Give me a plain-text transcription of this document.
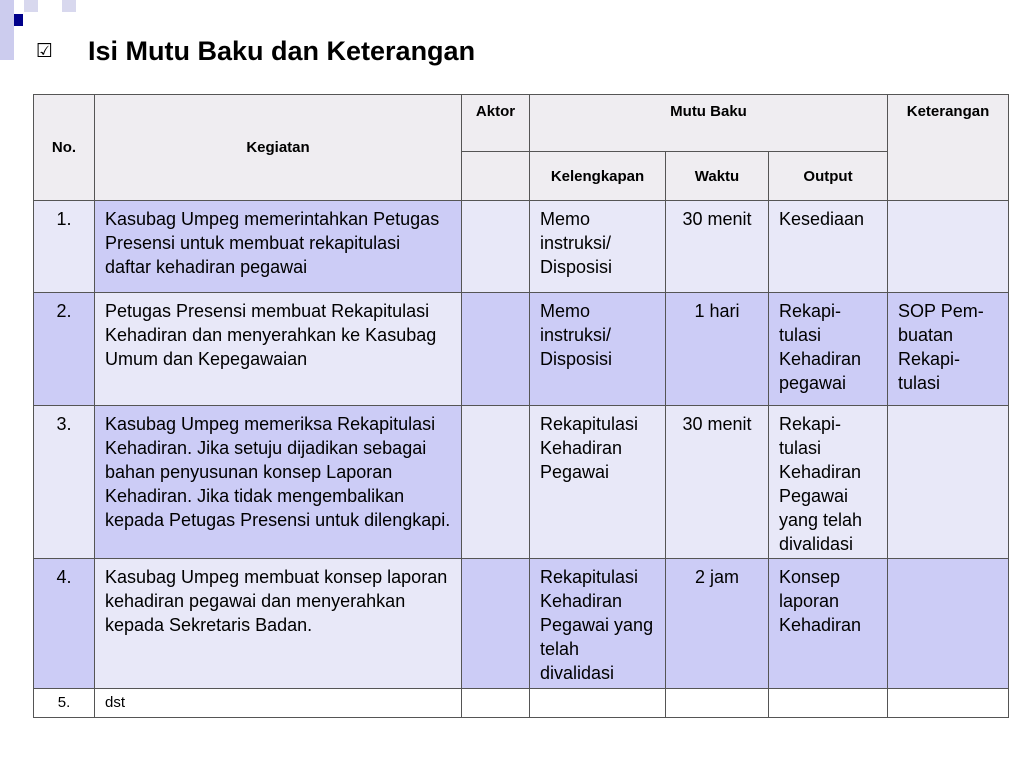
☑	Isi Mutu Baku dan Keterangan
No.	Kegiatan	Aktor	Mutu Baku			Keterangan
			Kelengkapan	Waktu	Output	
1.	Kasubag Umpeg memerintahkan Petugas Presensi untuk membuat rekapitulasi daftar kehadiran pegawai		Memo instruksi/ Disposisi	30 menit	Kesediaan	
2.	Petugas Presensi membuat Rekapitulasi Kehadiran dan menyerahkan ke Kasubag Umum dan Kepegawaian		Memo instruksi/ Disposisi	1 hari	Rekapi-tulasi Kehadiran pegawai	SOP Pem-buatan Rekapi-tulasi
3.	Kasubag Umpeg memeriksa Rekapitulasi Kehadiran. Jika setuju dijadikan sebagai bahan penyusunan konsep Laporan Kehadiran. Jika tidak mengembalikan kepada Petugas Presensi untuk dilengkapi.		Rekapitulasi Kehadiran Pegawai	30 menit	Rekapi-tulasi Kehadiran Pegawai yang telah divalidasi	
4.	Kasubag Umpeg membuat konsep laporan kehadiran pegawai dan menyerahkan kepada Sekretaris Badan.		Rekapitulasi Kehadiran Pegawai yang telah divalidasi	2 jam	Konsep laporan Kehadiran	
5.	dst					
